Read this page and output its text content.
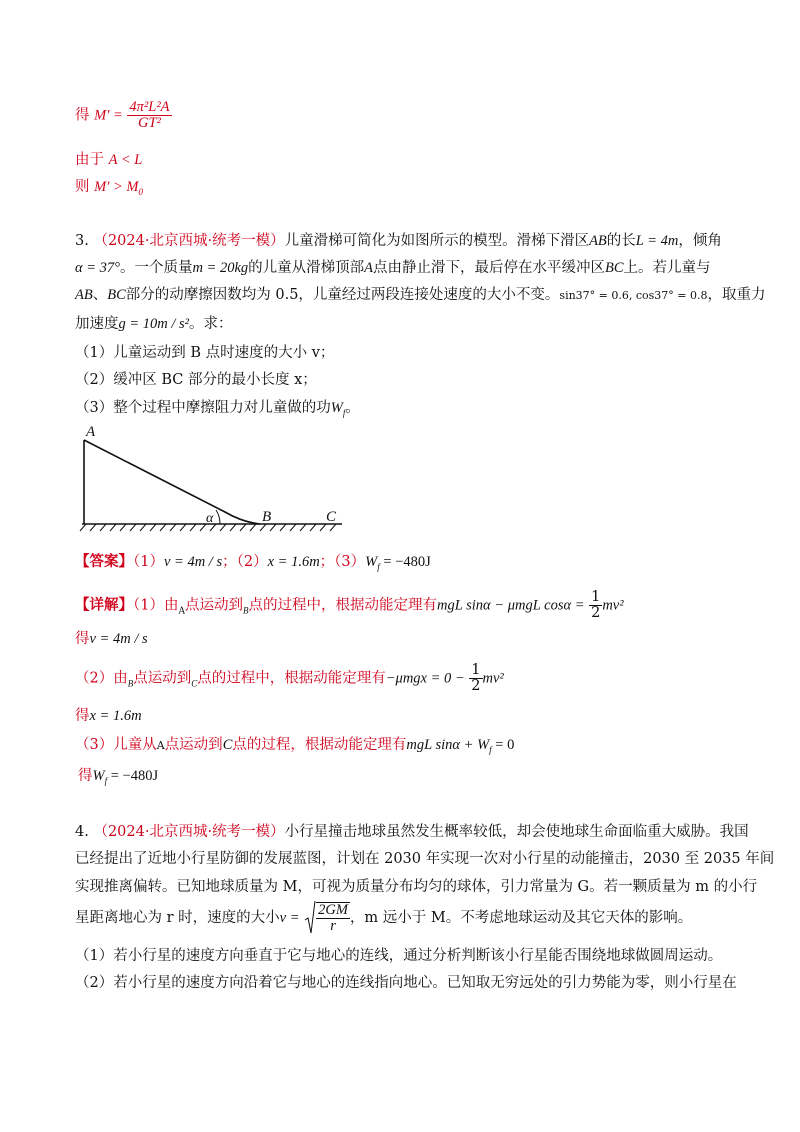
得 $M' = \frac{\text{4π²L²A}}{\text{GT²}}$
由于 A < L
则 $M' > M_0$
3. （2024·北京西城·统考一模）儿童滑梯可简化为如图所示的模型。滑梯下滑区AB的长L = 4m，倾角
α = 37°。一个质量m = 20kg的儿童从滑梯顶部A点由静止滑下，最后停在水平缓冲区BC上。若儿童与
AB、BC部分的动摩擦因数均为 0.5，儿童经过两段连接处速度的大小不变。sin37° = 0.6, cos37° = 0.8，取重力
加速度g = 10m / s²。求：
（1）儿童运动到 B 点时速度的大小 v；
（2）缓冲区 BC 部分的最小长度 x；
（3）整个过程中摩擦阻力对儿童做的功$W_f$。
A
α	B	C
【答案】（1）v = 4m / s；（2）x = 1.6m；$(3)W_f = -480J$
【详解】（1）由$_A$点运动到$_B$点的过程中，根据动能定理有mgL sinα − μmgL $\cos\alpha = \frac{1}{2} mv^2$
得v = 4m / s
（2）由$_B$点运动到$_C$点的过程中，根据动能定理有$-\mu mgx = 0 - \frac{1}{2} mv^2$
得x = 1.6m
（3）儿童从A点运动到C点的过程，根据动能定理有mgL $\sin\alpha + W_f = 0$
得$W_f = -480J$
4. （2024·北京西城·统考一模）小行星撞击地球虽然发生概率较低，却会使地球生命面临重大威胁。我国
已经提出了近地小行星防御的发展蓝图，计划在 2030 年实现一次对小行星的动能撞击，2030 至 2035 年间
实现推离偏转。已知地球质量为 M，可视为质量分布均匀的球体，引力常量为 G。若一颗质量为 m 的小行
星距离地心为 r 时，速度的大小$v = \frac{2GM}{r}$ ，m 远小于 M。不考虑地球运动及其它天体的影响。
（1）若小行星的速度方向垂直于它与地心的连线，通过分析判断该小行星能否围绕地球做圆周运动。
（2）若小行星的速度方向沿着它与地心的连线指向地心。已知取无穷远处的引力势能为零，则小行星在
